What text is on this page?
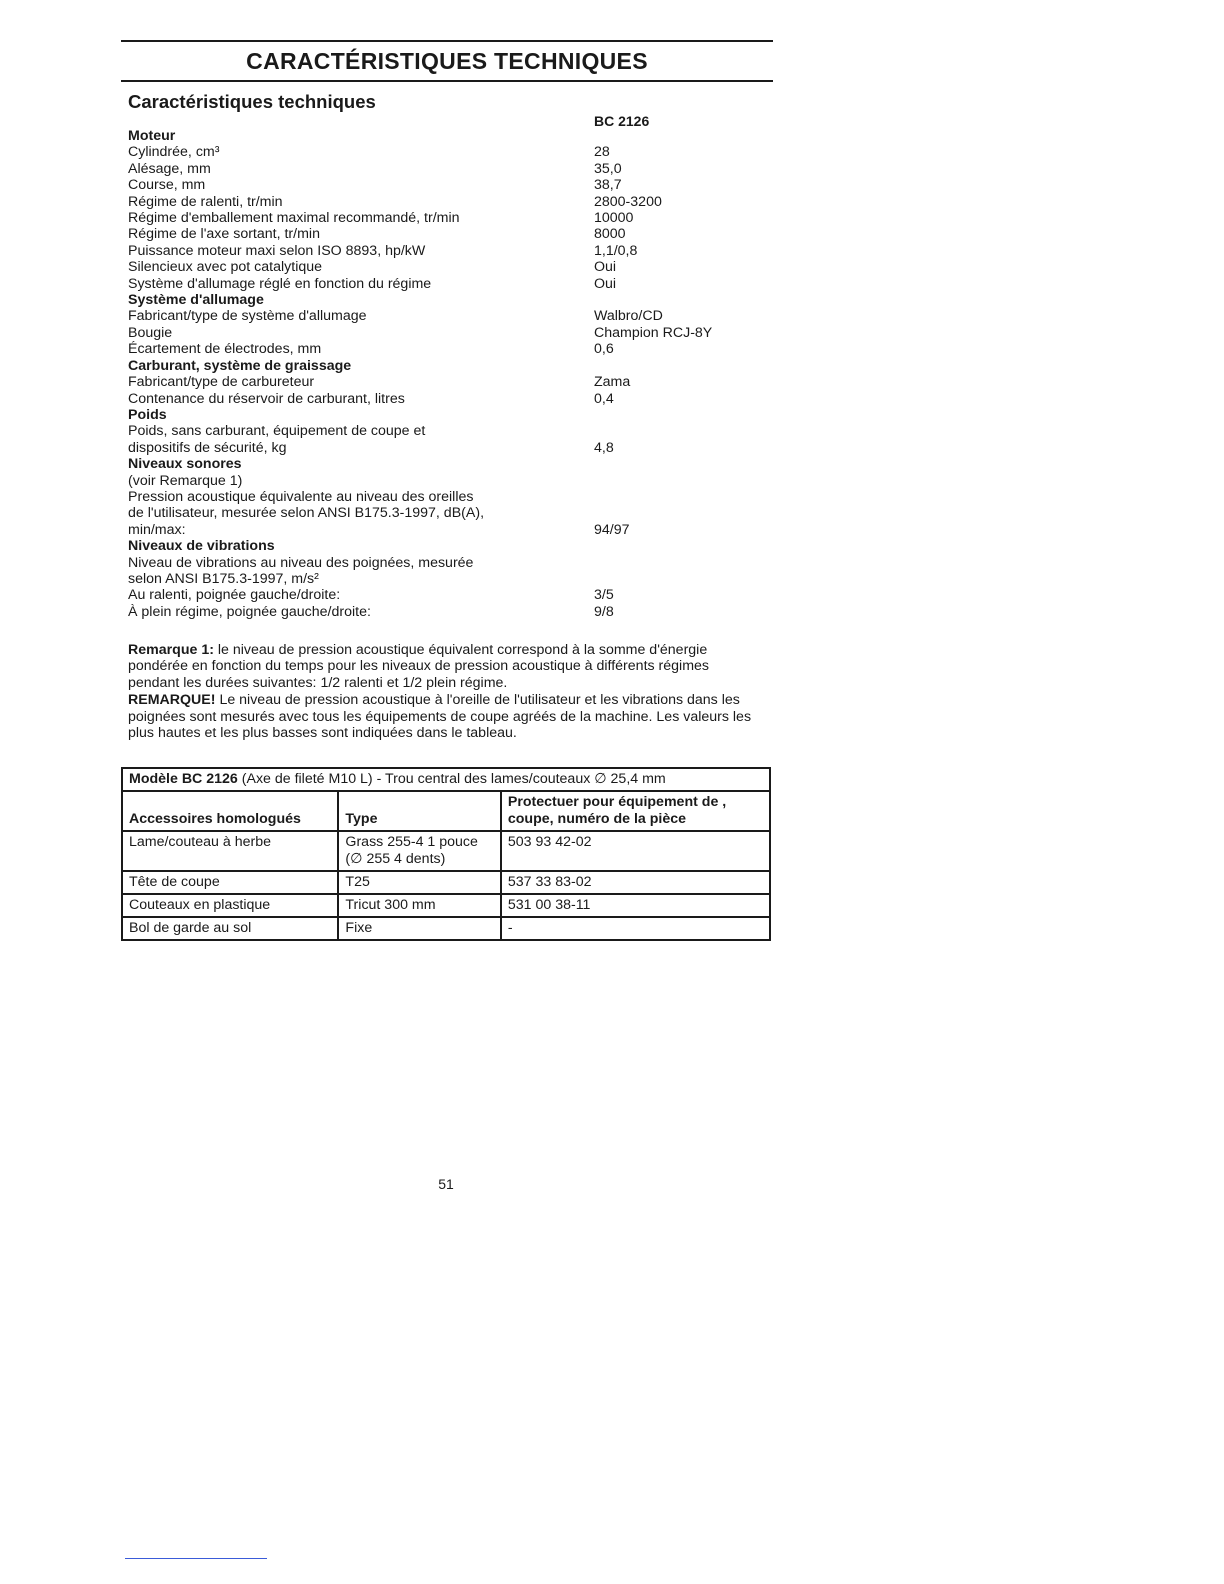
CARACTÉRISTIQUES TECHNIQUES
Caractéristiques techniques
BC 2126
Moteur
Cylindrée, cm³	28
Alésage, mm	35,0
Course, mm	38,7
Régime de ralenti, tr/min	2800-3200
Régime d'emballement maximal recommandé, tr/min	10000
Régime de l'axe sortant, tr/min	8000
Puissance moteur maxi selon ISO 8893, hp/kW	1,1/0,8
Silencieux avec pot catalytique	Oui
Système d'allumage réglé en fonction du régime	Oui
Système d'allumage
Fabricant/type de système d'allumage	Walbro/CD
Bougie	Champion RCJ-8Y
Écartement de électrodes, mm	0,6
Carburant, système de graissage
Fabricant/type de carbureteur	Zama
Contenance du réservoir de carburant, litres	0,4
Poids
Poids, sans carburant, équipement de coupe et
dispositifs de sécurité, kg	4,8
Niveaux sonores
(voir Remarque 1)
Pression acoustique équivalente au niveau des oreilles
de l'utilisateur, mesurée selon ANSI B175.3-1997, dB(A),
min/max:	94/97
Niveaux de vibrations
Niveau de vibrations au niveau des poignées, mesurée
selon ANSI B175.3-1997, m/s²
Au ralenti, poignée gauche/droite:	3/5
À plein régime, poignée gauche/droite:	9/8

Remarque 1: le niveau de pression acoustique équivalent correspond à la somme d'énergie pondérée en fonction du temps pour les niveaux de pression acoustique à différents régimes pendant les durées suivantes: 1/2 ralenti et 1/2 plein régime.

REMARQUE! Le niveau de pression acoustique à l'oreille de l'utilisateur et les vibrations dans les poignées sont mesurés avec tous les équipements de coupe agréés de la machine. Les valeurs les plus hautes et les plus basses sont indiquées dans le tableau.

Modèle BC 2126 (Axe de fileté M10 L) - Trou central des lames/couteaux ∅ 25,4 mm		
Accessoires homologués	Type	Protectuer pour équipement de , coupe, numéro de la pièce
Lame/couteau à herbe	Grass 255-4 1 pouce (∅ 255 4 dents)	503 93 42-02
Tête de coupe	T25	537 33 83-02
Couteaux en plastique	Tricut 300 mm	531 00 38-11
Bol de garde au sol	Fixe	-
51
